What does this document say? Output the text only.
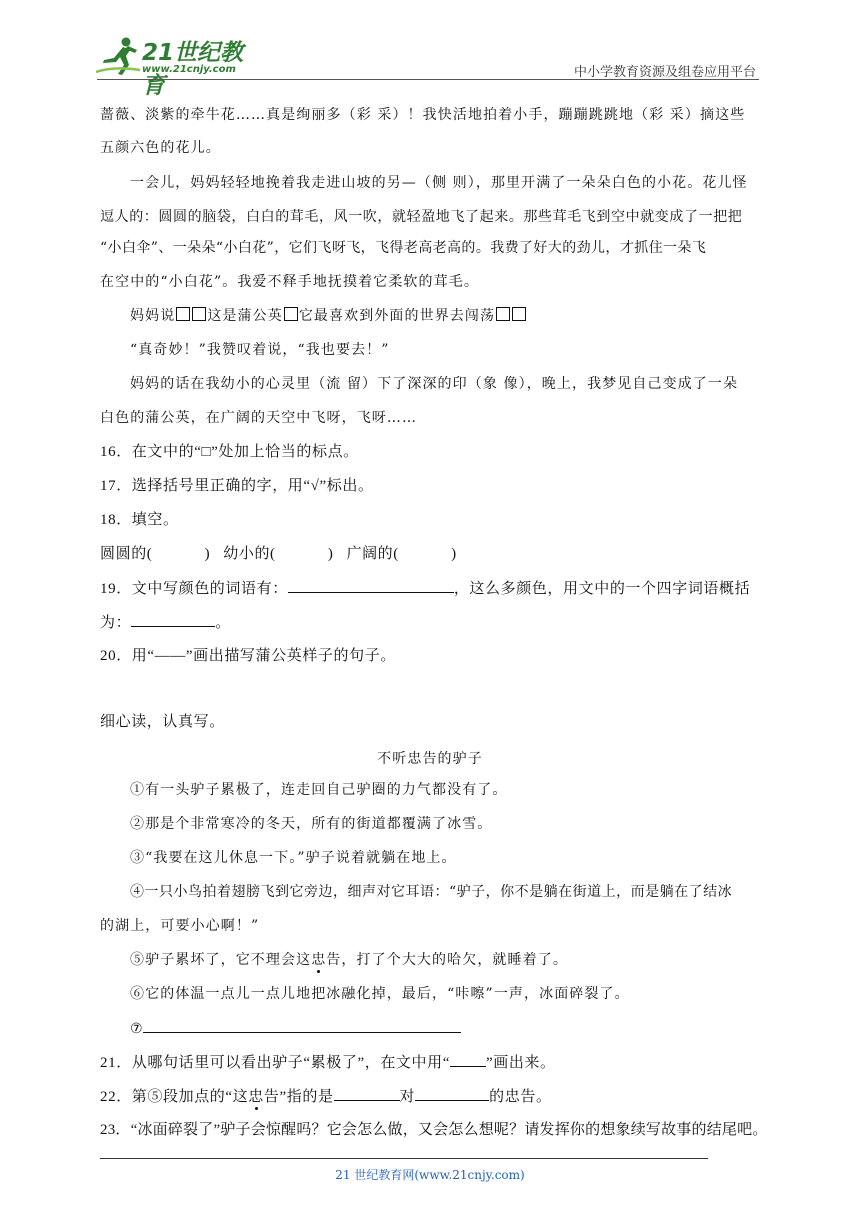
21世纪教育
www.21cnjy.com	中小学教育资源及组卷应用平台
蔷薇、淡紫的牵牛花……真是绚丽多（彩 采）！我快活地拍着小手，蹦蹦跳跳地（彩 采）摘这些
五颜六色的花儿。
一会儿，妈妈轻轻地挽着我走进山坡的另—（侧 则），那里开满了一朵朵白色的小花。花儿怪
逗人的：圆圆的脑袋，白白的茸毛，风一吹，就轻盈地飞了起来。那些茸毛飞到空中就变成了一把把
“小白伞”、一朵朵“小白花”，它们飞呀飞，飞得老高老高的。我费了好大的劲儿，才抓住一朵飞
在空中的“小白花”。我爱不释手地抚摸着它柔软的茸毛。
妈妈说 这是蒲公英 它最喜欢到外面的世界去闯荡
“真奇妙！”我赞叹着说，“我也要去！”
妈妈的话在我幼小的心灵里（流 留）下了深深的印（象 像），晚上，我梦见自己变成了一朵
白色的蒲公英，在广阔的天空中飞呀，飞呀……
16．在文中的“□”处加上恰当的标点。
17．选择括号里正确的字，用“√”标出。
18．填空。
圆圆的(            )   幼小的(            )   广阔的(            )
19．文中写颜色的词语有：	，这么多颜色，用文中的一个四字词语概括
为：	。
20．用“——”画出描写蒲公英样子的句子。
细心读，认真写。
不听忠告的驴子
①有一头驴子累极了，连走回自己驴圈的力气都没有了。
②那是个非常寒冷的冬天，所有的街道都覆满了冰雪。
③“我要在这儿休息一下。”驴子说着就躺在地上。
④一只小鸟拍着翅膀飞到它旁边，细声对它耳语：“驴子，你不是躺在街道上，而是躺在了结冰
的湖上，可要小心啊！”
⑤驴子累坏了，它不理会这忠告，打了个大大的哈欠，就睡着了。
⑥它的体温一点儿一点儿地把冰融化掉，最后，“咔嚓”一声，冰面碎裂了。
⑦
21．从哪句话里可以看出驴子“累极了”，在文中用“ ”画出来。
22．第⑤段加点的“这忠告”指的是	对	的忠告。
23．“冰面碎裂了”驴子会惊醒吗？它会怎么做，又会怎么想呢？请发挥你的想象续写故事的结尾吧。
21 世纪教育网(www.21cnjy.com)
